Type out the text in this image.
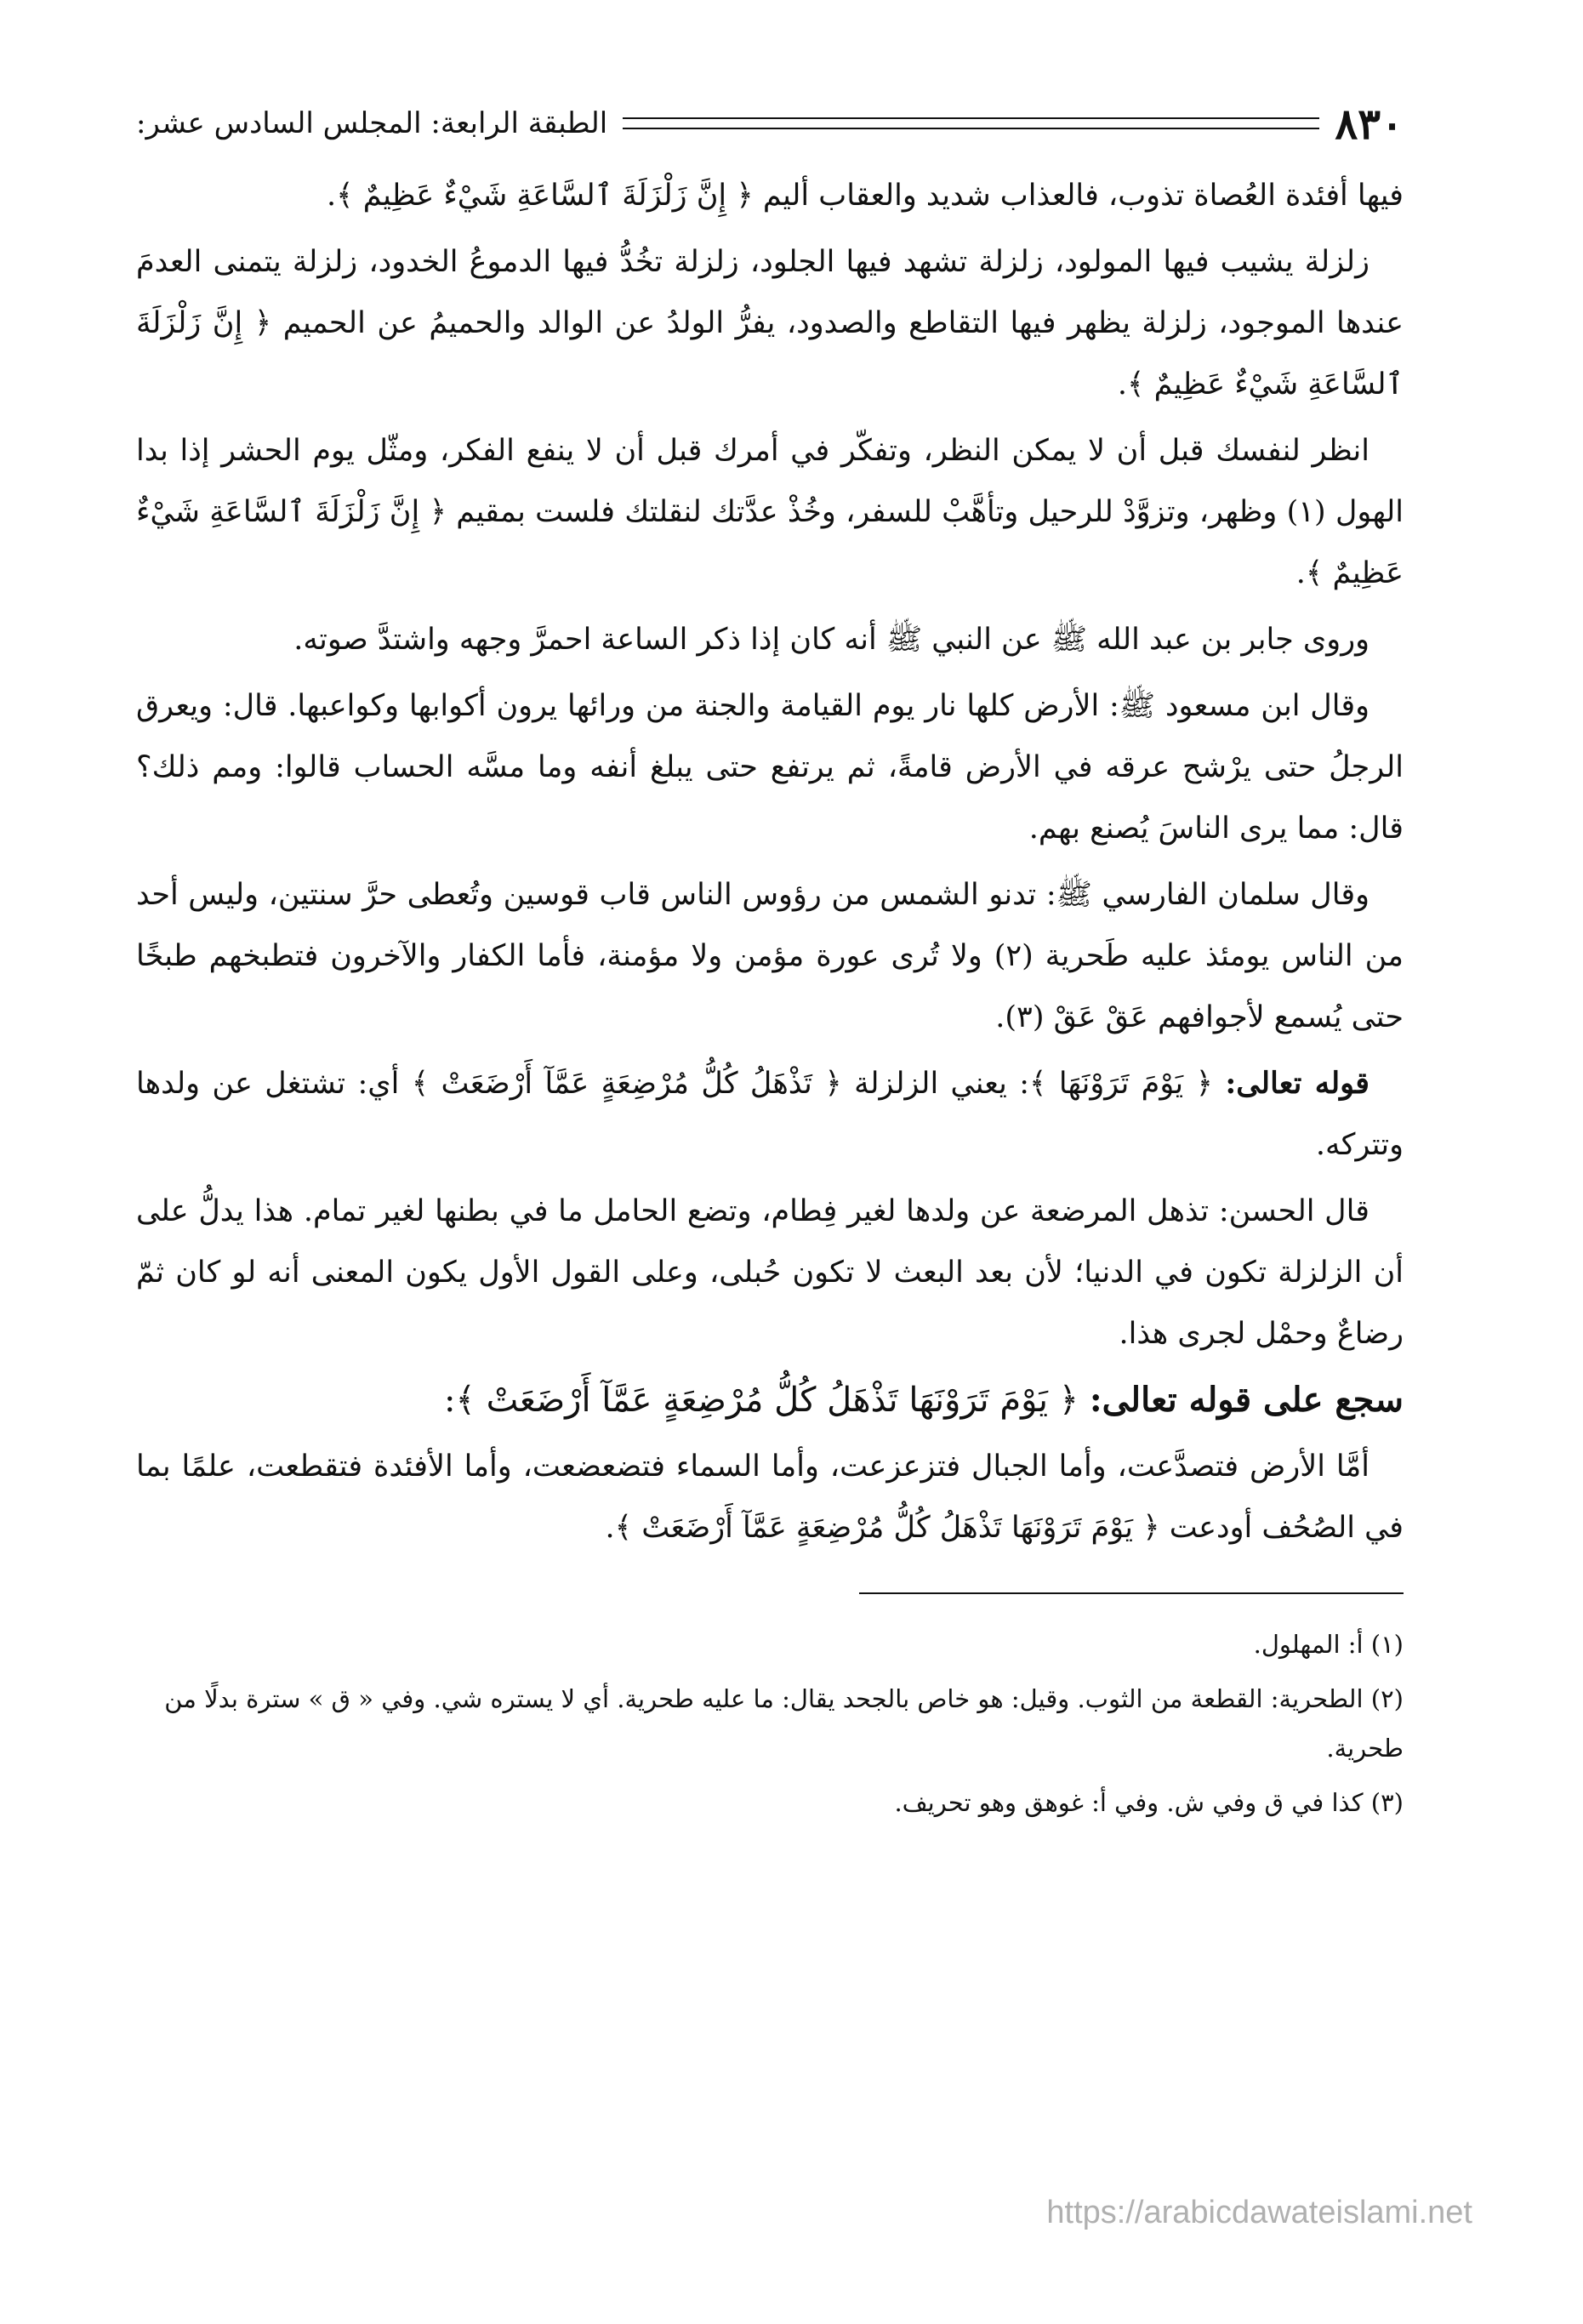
٨٣٠
الطبقة الرابعة: المجلس السادس عشر:

فيها أفئدة العُصاة تذوب، فالعذاب شديد والعقاب أليم ﴿ إِنَّ زَلْزَلَةَ ٱلسَّاعَةِ شَيْءٌ عَظِيمٌ ﴾.

زلزلة يشيب فيها المولود، زلزلة تشهد فيها الجلود، زلزلة تخُدُّ فيها الدموعُ الخدود، زلزلة يتمنى العدمَ عندها الموجود، زلزلة يظهر فيها التقاطع والصدود، يفرُّ الولدُ عن الوالد والحميمُ عن الحميم ﴿ إِنَّ زَلْزَلَةَ ٱلسَّاعَةِ شَيْءٌ عَظِيمٌ ﴾.

انظر لنفسك قبل أن لا يمكن النظر، وتفكّر في أمرك قبل أن لا ينفع الفكر، ومثّل يوم الحشر إذا بدا الهول (١) وظهر، وتزوَّدْ للرحيل وتأهَّبْ للسفر، وخُذْ عدَّتك لنقلتك فلست بمقيم ﴿ إِنَّ زَلْزَلَةَ ٱلسَّاعَةِ شَيْءٌ عَظِيمٌ ﴾.

وروى جابر بن عبد الله ﷺ عن النبي ﷺ أنه كان إذا ذكر الساعة احمرَّ وجهه واشتدَّ صوته.

وقال ابن مسعود ﷺ: الأرض كلها نار يوم القيامة والجنة من ورائها يرون أكوابها وكواعبها. قال: ويعرق الرجلُ حتى يرْشح عرقه في الأرض قامةً، ثم يرتفع حتى يبلغ أنفه وما مسَّه الحساب قالوا: ومم ذلك؟ قال: مما يرى الناسَ يُصنع بهم.

وقال سلمان الفارسي ﷺ: تدنو الشمس من رؤوس الناس قاب قوسين وتُعطى حرَّ سنتين، وليس أحد من الناس يومئذ عليه طَحرية (٢) ولا تُرى عورة مؤمن ولا مؤمنة، فأما الكفار والآخرون فتطبخهم طبخًا حتى يُسمع لأجوافهم عَقْ عَقْ (٣).

قوله تعالى: ﴿ يَوْمَ تَرَوْنَهَا ﴾: يعني الزلزلة ﴿ تَذْهَلُ كُلُّ مُرْضِعَةٍ عَمَّآ أَرْضَعَتْ ﴾ أي: تشتغل عن ولدها وتتركه.

قال الحسن: تذهل المرضعة عن ولدها لغير فِطام، وتضع الحامل ما في بطنها لغير تمام. هذا يدلُّ على أن الزلزلة تكون في الدنيا؛ لأن بعد البعث لا تكون حُبلى، وعلى القول الأول يكون المعنى أنه لو كان ثمّ رضاعٌ وحمْل لجرى هذا.

سجع على قوله تعالى: ﴿ يَوْمَ تَرَوْنَهَا تَذْهَلُ كُلُّ مُرْضِعَةٍ عَمَّآ أَرْضَعَتْ ﴾:

أمَّا الأرض فتصدَّعت، وأما الجبال فتزعزعت، وأما السماء فتضعضعت، وأما الأفئدة فتقطعت، علمًا بما في الصُحُف أودعت ﴿ يَوْمَ تَرَوْنَهَا تَذْهَلُ كُلُّ مُرْضِعَةٍ عَمَّآ أَرْضَعَتْ ﴾.

(١) أ: المهلول.

(٢) الطحرية: القطعة من الثوب. وقيل: هو خاص بالجحد يقال: ما عليه طحرية. أي لا يستره شي. وفي « ق » سترة بدلًا من طحرية.

(٣) كذا في ق وفي ش. وفي أ: غوهق وهو تحريف.

https://arabicdawateislami.net
